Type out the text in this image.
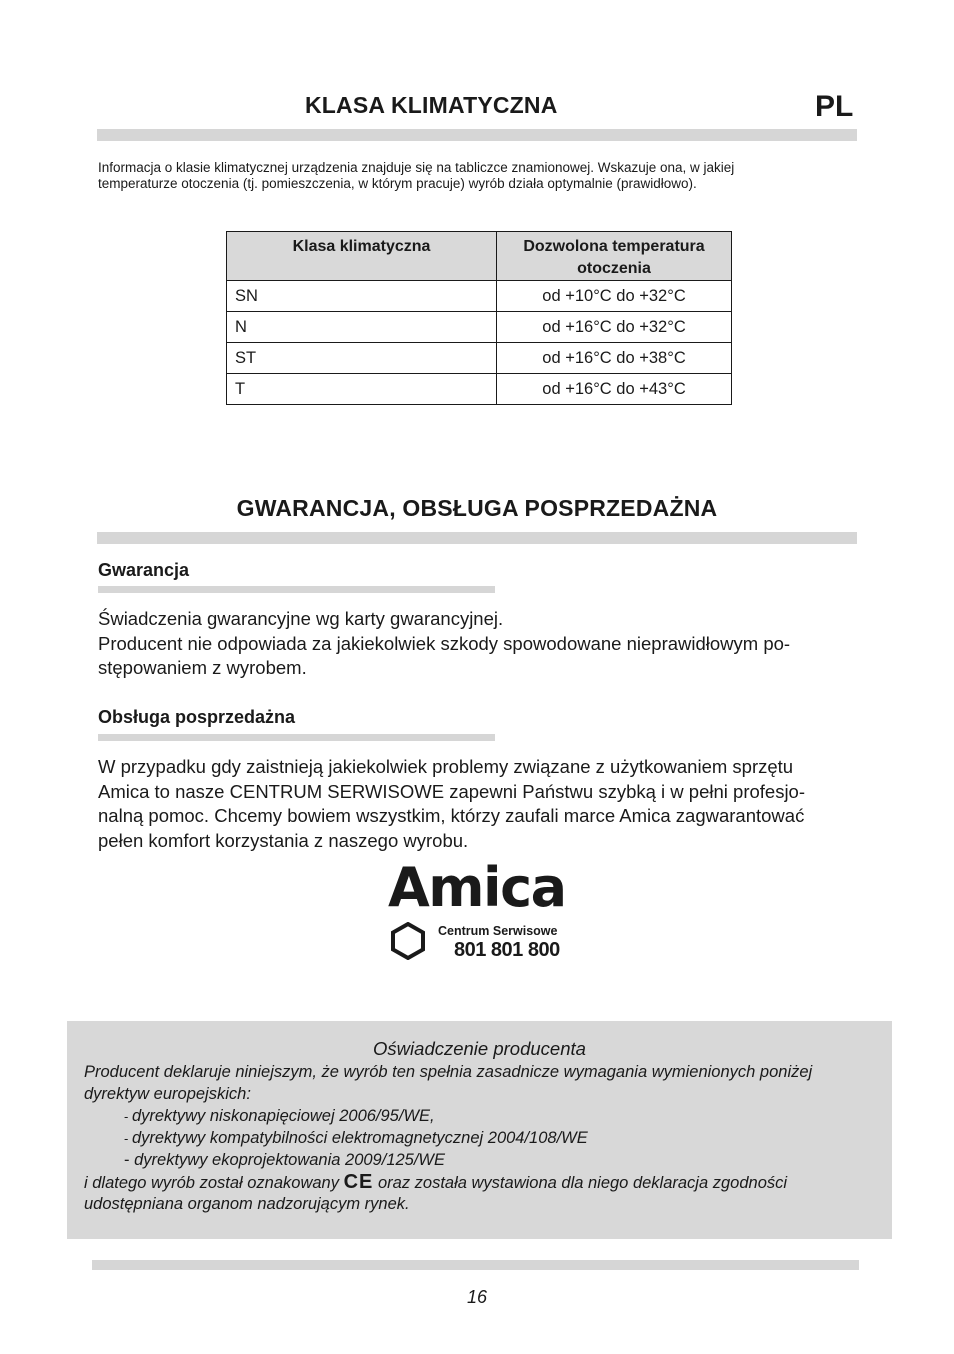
KLASA KLIMATYCZNA	PL
Informacja o klasie klimatycznej urządzenia znajduje się na tabliczce znamionowej. Wskazuje ona, w jakiej
temperaturze otoczenia (tj. pomieszczenia, w którym pracuje) wyrób działa optymalnie (prawidłowo).
Klasa klimatyczna	Dozwolona temperatura otoczenia
SN	od +10°C do +32°C
N	od +16°C do +32°C
ST	od +16°C do +38°C
T	od +16°C do +43°C
GWARANCJA, OBSŁUGA POSPRZEDAŻNA
Gwarancja
Świadczenia gwarancyjne wg karty gwarancyjnej.
Producent nie odpowiada za jakiekolwiek szkody spowodowane nieprawidłowym po-
stępowaniem z wyrobem.
Obsługa posprzedażna
W przypadku gdy zaistnieją jakiekolwiek problemy związane z użytkowaniem sprzętu
Amica to nasze CENTRUM SERWISOWE zapewni Państwu szybką i w pełni profesjo-
nalną pomoc. Chcemy bowiem wszystkim, którzy zaufali marce Amica zagwarantować
pełen komfort korzystania z naszego wyrobu.
Amica
Centrum Serwisowe
801 801 800
Oświadczenie producenta
Producent deklaruje niniejszym, że wyrób ten spełnia zasadnicze wymagania wymienionych poniżej
dyrektyw europejskich:
- dyrektywy niskonapięciowej 2006/95/WE,
- dyrektywy kompatybilności elektromagnetycznej 2004/108/WE
- dyrektywy ekoprojektowania 2009/125/WE
i dlatego wyrób został oznakowany CE oraz została wystawiona dla niego deklaracja zgodności
udostępniana organom nadzorującym rynek.
16
